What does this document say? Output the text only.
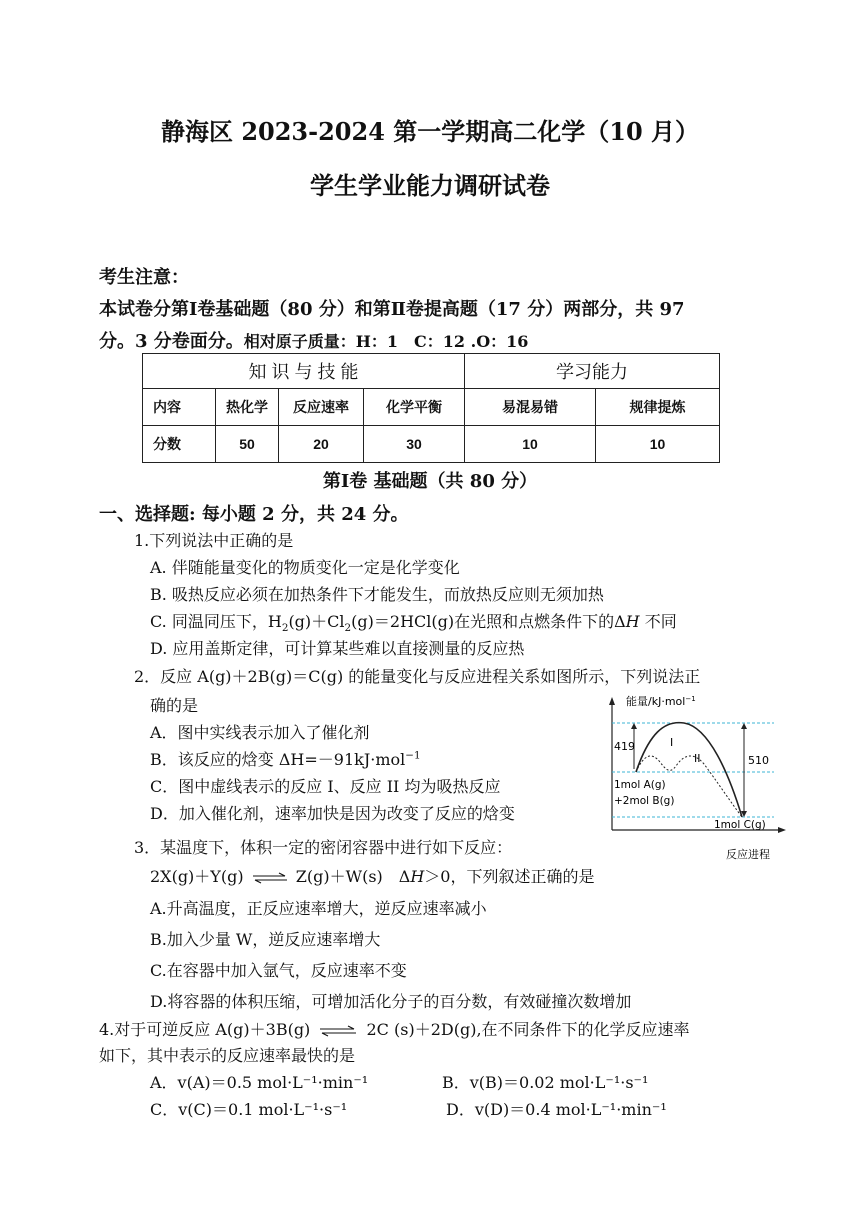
静海区 2023-2024 第一学期高二化学（10 月）
学生学业能力调研试卷
考生注意：
本试卷分第Ⅰ卷基础题（80 分）和第Ⅱ卷提高题（17 分）两部分，共 97
分。3 分卷面分。相对原子质量：H：1　C：12 .O：16
知 识 与 技 能				学习能力	
内容	热化学	反应速率	化学平衡	易混易错	规律提炼
分数	50	20	30	10	10
第Ⅰ卷 基础题（共 80 分）
一、选择题: 每小题 2 分，共 24 分。
1.下列说法中正确的是
A. 伴随能量变化的物质变化一定是化学变化
B. 吸热反应必须在加热条件下才能发生，而放热反应则无须加热
C. 同温同压下，$H_2(g)+Cl_2(g)=2HCl(g)$在光照和点燃条件下的ΔH 不同
D. 应用盖斯定律，可计算某些难以直接测量的反应热
2．反应 A(g)＋2B(g)＝C(g) 的能量变化与反应进程关系如图所示，下列说法正
确的是
A．图中实线表示加入了催化剂
B．该反应的焓变 ΔH=－91kJ·mol$^{-1}$
C．图中虚线表示的反应 I、反应 II 均为吸热反应
D．加入催化剂，速率加快是因为改变了反应的焓变
能量/kJ·mol$^{-1}$
419
510
I
II
1mol A(g)
+2mol B(g)
1mol C(g)
反应进程
3．某温度下，体积一定的密闭容器中进行如下反应：
2X(g)＋Y(g) ⇌ Z(g)＋W(s)　ΔH＞0，下列叙述正确的是
A.升高温度，正反应速率增大，逆反应速率减小
B.加入少量 W，逆反应速率增大
C.在容器中加入氩气，反应速率不变
D.将容器的体积压缩，可增加活化分子的百分数，有效碰撞次数增加
4.对于可逆反应 A(g)＋3B(g) ⇌ 2C (s)＋2D(g),在不同条件下的化学反应速率
如下，其中表示的反应速率最快的是
A．v(A)＝0.5 mol·L⁻¹·min⁻¹	B．v(B)＝0.02 mol·L⁻¹·s⁻¹
C．v(C)＝0.1 mol·L⁻¹·s⁻¹	D．v(D)＝0.4 mol·L⁻¹·min⁻¹
